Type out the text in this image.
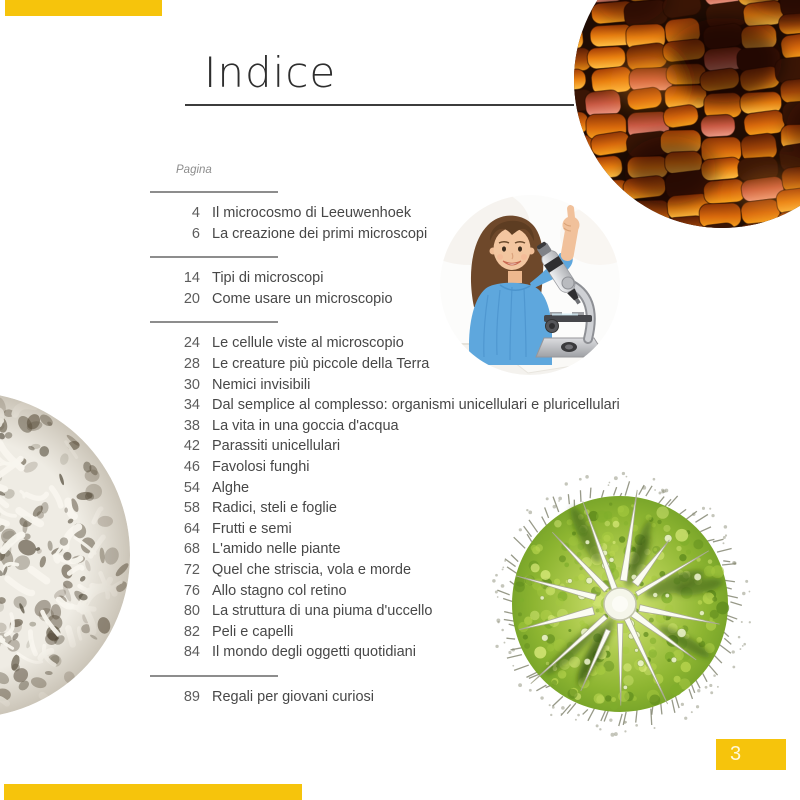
Indice
Pagina
4 Il microcosmo di Leeuwenhoek
6 La creazione dei primi microscopi
14 Tipi di microscopi
20 Come usare un microscopio
24 Le cellule viste al microscopio
28 Le creature più piccole della Terra
30 Nemici invisibili
34 Dal semplice al complesso: organismi unicellulari e pluricellulari
38 La vita in una goccia d'acqua
42 Parassiti unicellulari
46 Favolosi funghi
54 Alghe
58 Radici, steli e foglie
64 Frutti e semi
68 L'amido nelle piante
72 Quel che striscia, vola e morde
76 Allo stagno col retino
80 La struttura di una piuma d'uccello
82 Peli e capelli
84 Il mondo degli oggetti quotidiani
89 Regali per giovani curiosi
3
